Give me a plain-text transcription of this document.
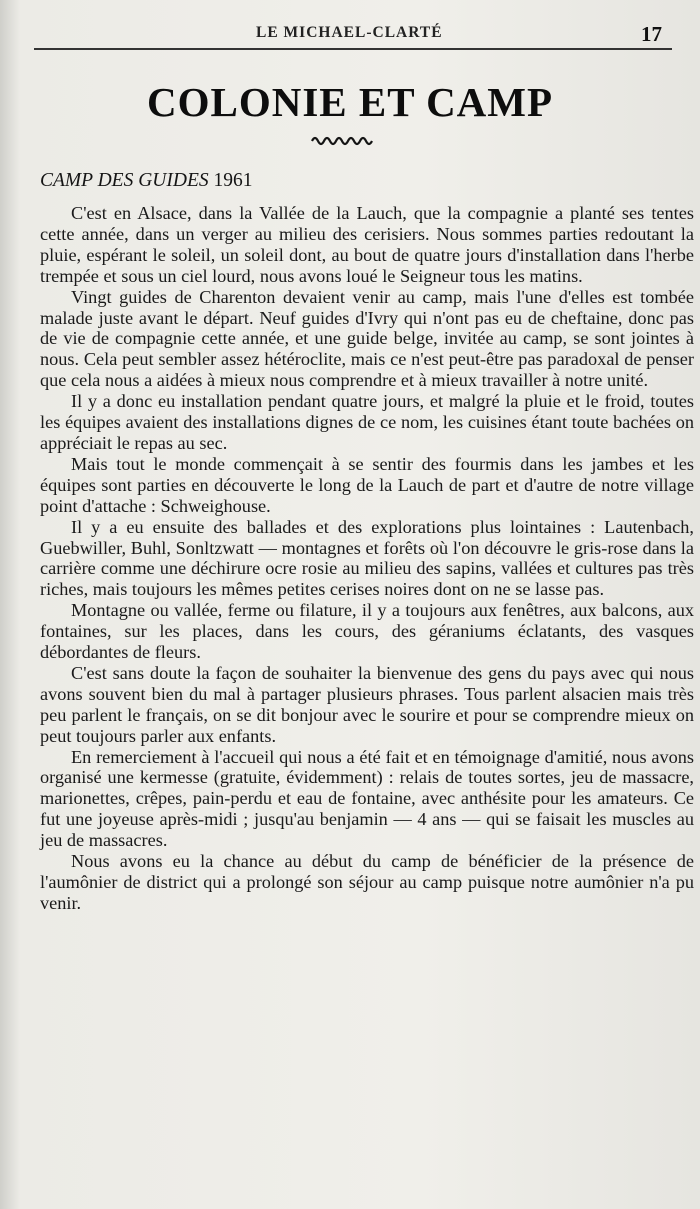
LE MICHAEL-CLARTÉ	17
COLONIE ET CAMP
CAMP DES GUIDES 1961

C'est en Alsace, dans la Vallée de la Lauch, que la compagnie a planté ses tentes cette année, dans un verger au milieu des cerisiers. Nous sommes parties redoutant la pluie, espérant le soleil, un soleil dont, au bout de quatre jours d'installation dans l'herbe trempée et sous un ciel lourd, nous avons loué le Seigneur tous les matins.

Vingt guides de Charenton devaient venir au camp, mais l'une d'elles est tombée malade juste avant le départ. Neuf guides d'Ivry qui n'ont pas eu de cheftaine, donc pas de vie de compagnie cette année, et une guide belge, invitée au camp, se sont jointes à nous. Cela peut sembler assez hétéroclite, mais ce n'est peut-être pas paradoxal de penser que cela nous a aidées à mieux nous comprendre et à mieux travailler à notre unité.

Il y a donc eu installation pendant quatre jours, et malgré la pluie et le froid, toutes les équipes avaient des installations dignes de ce nom, les cuisines étant toute bachées on appréciait le repas au sec.

Mais tout le monde commençait à se sentir des fourmis dans les jambes et les équipes sont parties en découverte le long de la Lauch de part et d'autre de notre village point d'attache : Schweighouse.

Il y a eu ensuite des ballades et des explorations plus lointaines : Lautenbach, Guebwiller, Buhl, Sonltzwatt — montagnes et forêts où l'on découvre le gris-rose dans la carrière comme une déchirure ocre rosie au milieu des sapins, vallées et cultures pas très riches, mais toujours les mêmes petites cerises noires dont on ne se lasse pas.

Montagne ou vallée, ferme ou filature, il y a toujours aux fenêtres, aux balcons, aux fontaines, sur les places, dans les cours, des géraniums éclatants, des vasques débordantes de fleurs.

C'est sans doute la façon de souhaiter la bienvenue des gens du pays avec qui nous avons souvent bien du mal à partager plusieurs phrases. Tous parlent alsacien mais très peu parlent le français, on se dit bonjour avec le sourire et pour se comprendre mieux on peut toujours parler aux enfants.

En remerciement à l'accueil qui nous a été fait et en témoignage d'amitié, nous avons organisé une kermesse (gratuite, évidemment) : relais de toutes sortes, jeu de massacre, marionettes, crêpes, pain-perdu et eau de fontaine, avec anthésite pour les amateurs. Ce fut une joyeuse après-midi ; jusqu'au benjamin — 4 ans — qui se faisait les muscles au jeu de massacres.

Nous avons eu la chance au début du camp de bénéficier de la présence de l'aumônier de district qui a prolongé son séjour au camp puisque notre aumônier n'a pu venir.
